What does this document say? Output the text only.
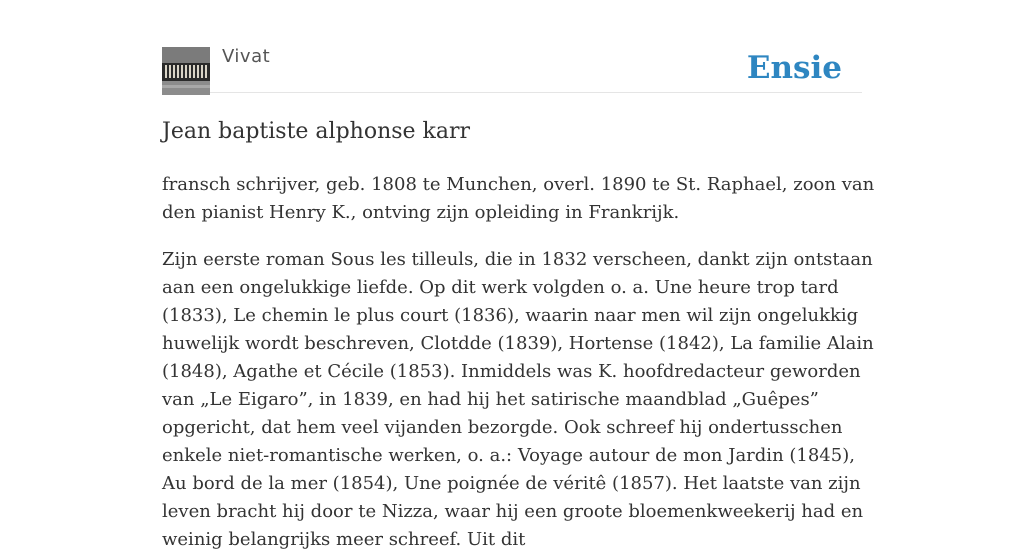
Vivat	Ensie
Jean baptiste alphonse karr

fransch schrijver, geb. 1808 te Munchen, overl. 1890 te St. Raphael, zoon van den pianist Henry K., ontving zijn opleiding in Frankrijk.

Zijn eerste roman Sous les tilleuls, die in 1832 verscheen, dankt zijn ontstaan aan een ongelukkige liefde. Op dit werk volgden o. a. Une heure trop tard (1833), Le chemin le plus court (1836), waarin naar men wil zijn ongelukkig huwelijk wordt beschreven, Clotdde (1839), Hortense (1842), La familie Alain (1848), Agathe et Cécile (1853). Inmiddels was K. hoofdredacteur geworden van „Le Eigaro”, in 1839, en had hij het satirische maandblad „Guêpes” opgericht, dat hem veel vijanden bezorgde. Ook schreef hij ondertusschen enkele niet-romantische werken, o. a.: Voyage autour de mon Jardin (1845), Au bord de la mer (1854), Une poignée de véritê (1857). Het laatste van zijn leven bracht hij door te Nizza, waar hij een groote bloemenkweekerij had en weinig belangrijks meer schreef. Uit dit
